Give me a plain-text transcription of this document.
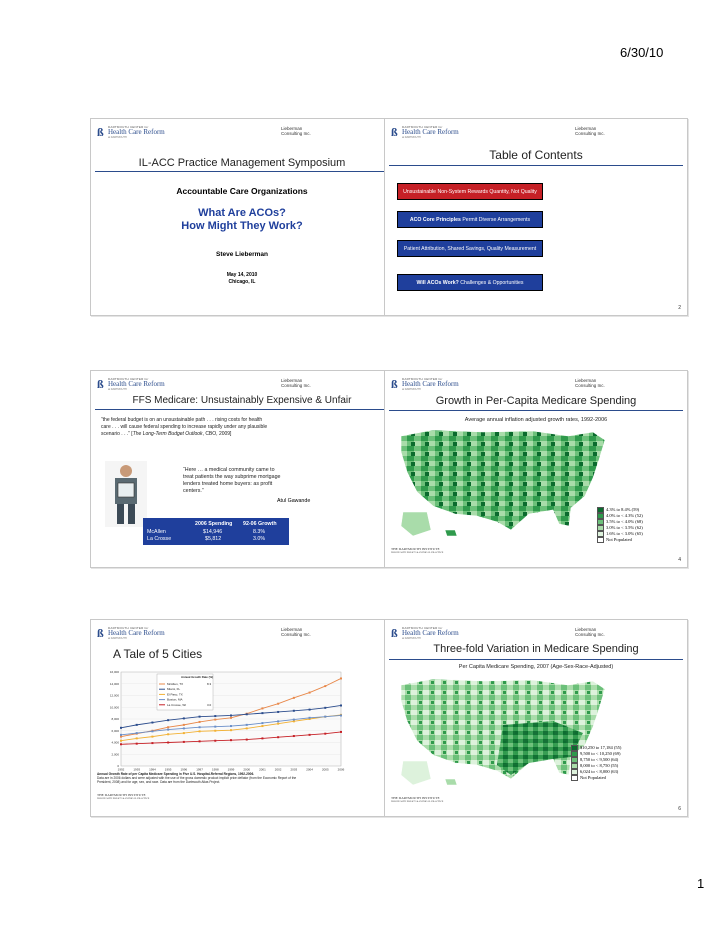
6/30/10
ß	DARTMOUTH CENTER for
Health Care Reform
at DARTMOUTH
Lieberman Consulting Inc.
IL-ACC Practice Management Symposium
Accountable Care Organizations
What Are ACOs?
How Might They Work?
Steve Lieberman
May 14, 2010
Chicago, IL
ß	DARTMOUTH CENTER for
Health Care Reform
at DARTMOUTH
Lieberman Consulting Inc.
Table of Contents
Unsustainable Non-System Rewards Quantity, Not Quality
ACO Core Principles Permit Diverse Arrangements
Patient Attribution, Shared Savings, Quality Measurement
Will ACOs Work? Challenges & Opportunities
2
ß	DARTMOUTH CENTER for
Health Care Reform
at DARTMOUTH
Lieberman Consulting Inc.
FFS Medicare: Unsustainably Expensive & Unfair
“the federal budget is on an unsustainable path . . . rising costs for health
care . . . will cause federal spending to increase rapidly under any plausible
scenario . . .” [The Long-Term Budget Outlook, CBO, 2009]
“Here … a medical community came to
treat patients the way subprime mortgage
lenders treated home buyers: as profit
centers.”
Atul Gawande
2006 Spending 92-06 Growth
McAllen	$14,946	8.3%
La Crosse	$5,812	3.0%
ß	DARTMOUTH CENTER for
Health Care Reform
at DARTMOUTH
Lieberman Consulting Inc.
Growth in Per-Capita Medicare Spending
Average annual inflation adjusted growth rates, 1992-2006
4.3% to 8.4% (59)
4.0% to < 4.3% (52)
3.5% to < 4.0% (68)
3.0% to < 3.5% (62)
1.6% to < 3.0% (65)
Not Populated
THE DARTMOUTH INSTITUTE
FOR HEALTH POLICY & CLINICAL PRACTICE
4
ß	DARTMOUTH CENTER for
Health Care Reform
at DARTMOUTH
Lieberman Consulting Inc.
A Tale of 5 Cities
0
2,000
4,000
6,000
8,000
10,000
12,000
14,000
16,000
1992	1993	1994	1995	1996	1997	1998	1999	2000	2001	2002	2003	2004	2005	2006
Annual Growth Rate (%)
McAllen, TX	8.3
Miami, FL
El Paso, TX
Boston, MA
La Crosse, WI	3.0
Annual Growth Rate of per Capita Medicare Spending in Five U.S. Hospital-Referral Regions, 1992-2006.
Data are in 2006 dollars and were adjusted with the use of the gross domestic product implicit price deflator (from the Economic Report of the
President, 2008) and for age, sex, and race. Data are from the Dartmouth Atlas Project.
THE DARTMOUTH INSTITUTE
FOR HEALTH POLICY & CLINICAL PRACTICE
ß	DARTMOUTH CENTER for
Health Care Reform
at DARTMOUTH
Lieberman Consulting Inc.
Three-fold Variation in Medicare Spending
Per Capita Medicare Spending, 2007 (Age-Sex-Race-Adjusted)
$10,250 to 17,184 (55)
9,500 to < 10,250 (69)
8,750 to < 9,500 (64)
8,000 to < 8,750 (55)
6,024 to < 8,000 (63)
Not Populated
THE DARTMOUTH INSTITUTE
FOR HEALTH POLICY & CLINICAL PRACTICE
6
1
